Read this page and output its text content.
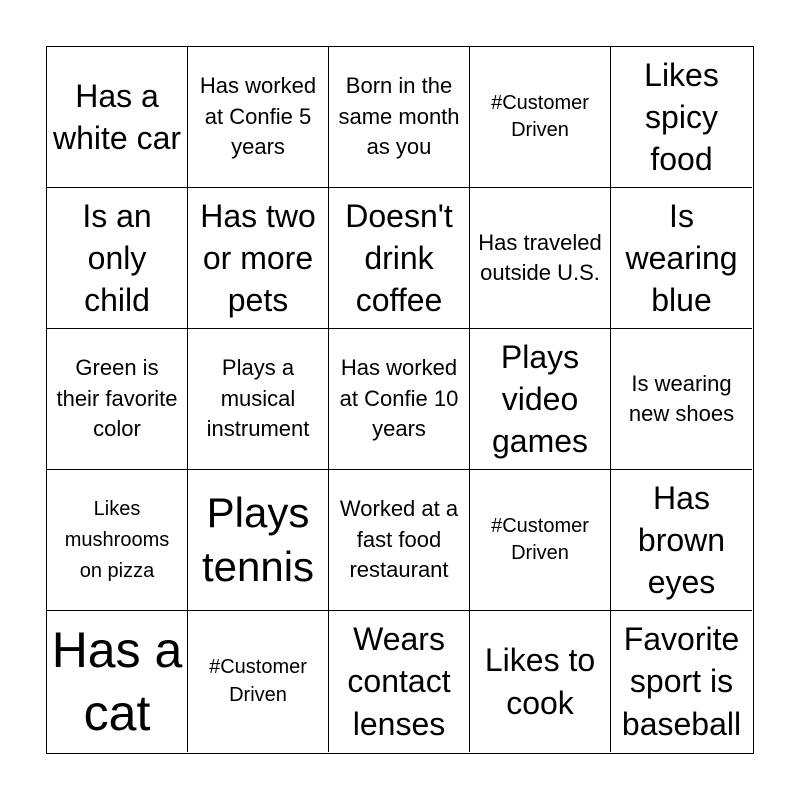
Has a white car
Has worked at Confie 5 years
Born in the same month as you
#Customer Driven
Likes spicy food
Is an only child
Has two or more pets
Doesn't drink coffee
Has traveled outside U.S.
Is wearing blue
Green is their favorite color
Plays a musical instrument
Has worked at Confie 10 years
Plays video games
Is wearing new shoes
Likes mushrooms on pizza
Plays tennis
Worked at a fast food restaurant
#Customer Driven
Has brown eyes
Has a cat
#Customer Driven
Wears contact lenses
Likes to cook
Favorite sport is baseball
